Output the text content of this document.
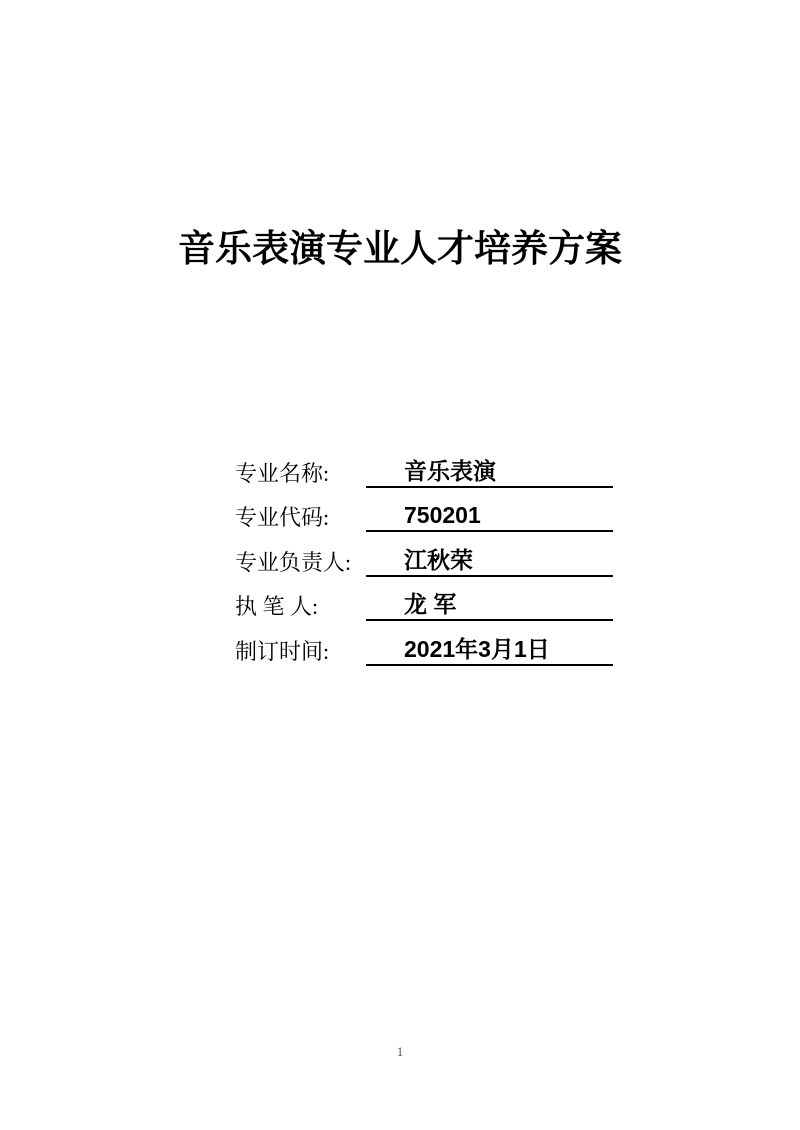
音乐表演专业人才培养方案
专业名称:	音乐表演
专业代码:	750201
专业负责人:	江秋荣
执 笔 人:	龙 军
制订时间:	2021年3月1日
1
